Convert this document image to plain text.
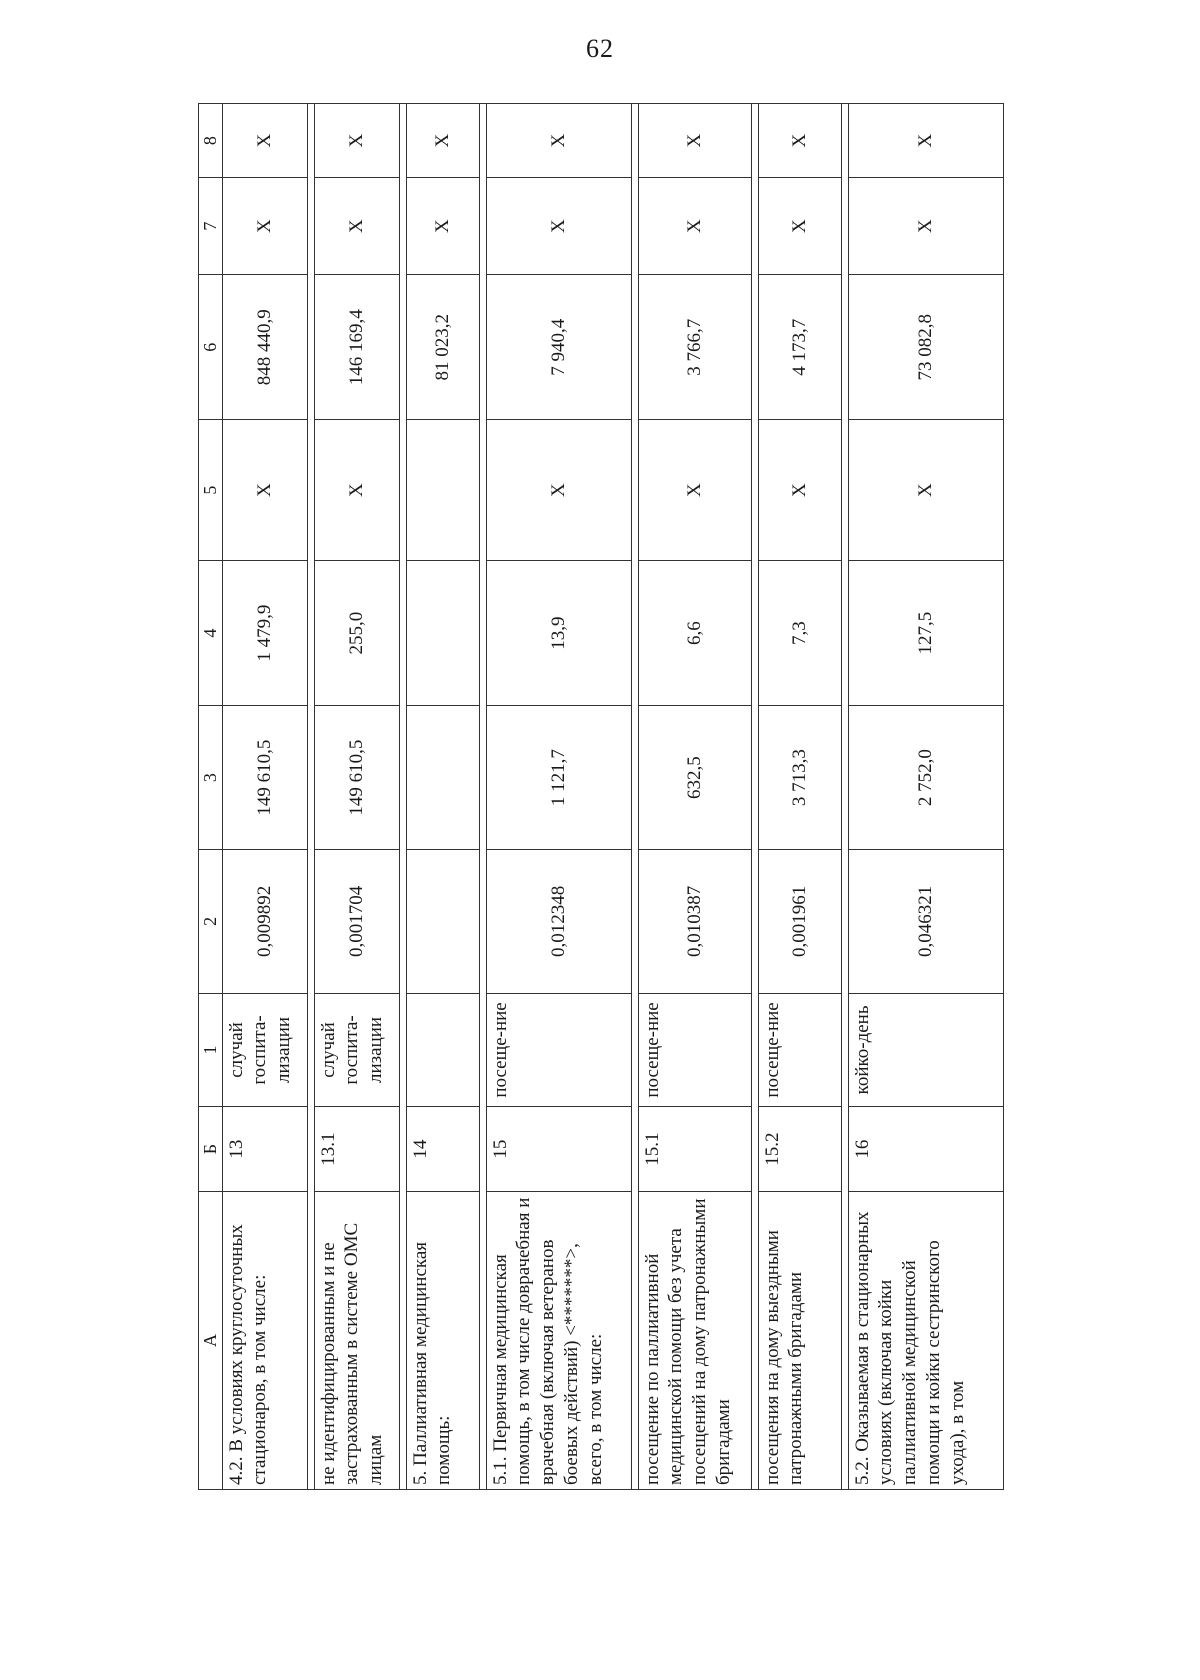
62
А	Б	1	2	3	4	5	6	7	8
4.2. В условиях круглосуточных стационаров, в том числе:	13	случай госпита-лизации	0,009892	149 610,5	1 479,9	X	848 440,9	X	X

не идентифицированным и не застрахованным в системе ОМС лицам	13.1	случай госпита-лизации	0,001704	149 610,5	255,0	X	146 169,4	X	X

5. Паллиативная медицинская помощь:	14						81 023,2	X	X

5.1. Первичная медицинская помощь, в том числе доврачебная и врачебная (включая ветеранов боевых действий) <*******>, всего, в том числе:	15	посеще-ние	0,012348	1 121,7	13,9	X	7 940,4	X	X

посещение по паллиативной медицинской помощи без учета посещений на дому патронажными бригадами	15.1	посеще-ние	0,010387	632,5	6,6	X	3 766,7	X	X

посещения на дому выездными патронажными бригадами	15.2	посеще-ние	0,001961	3 713,3	7,3	X	4 173,7	X	X

5.2. Оказываемая в стационарных условиях (включая койки паллиативной медицинской помощи и койки сестринского ухода), в том	16	койко-день	0,046321	2 752,0	127,5	X	73 082,8	X	X
